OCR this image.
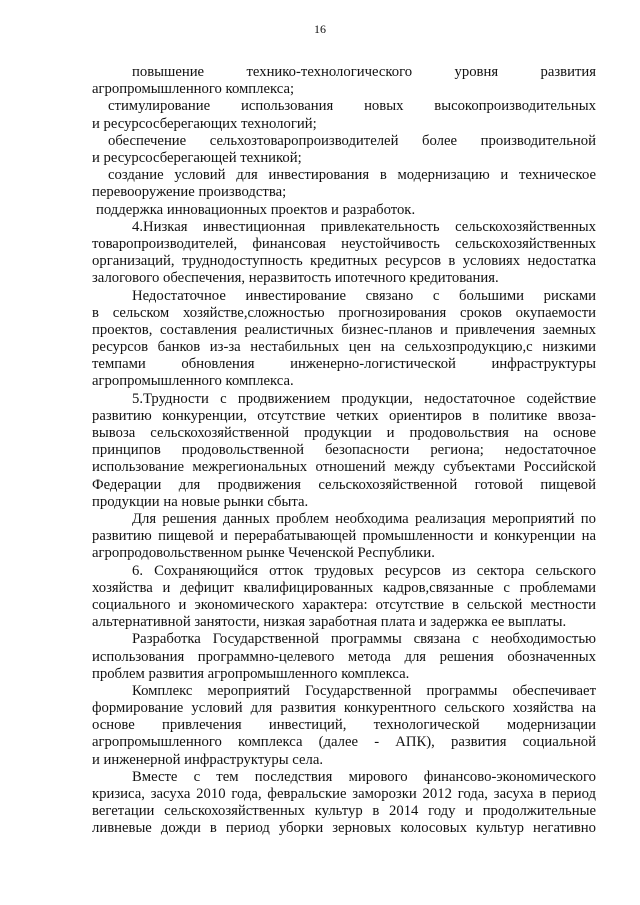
16
повышение технико-технологического уровня развития
агропромышленного комплекса;
стимулирование использования новых высокопроизводительных
и ресурсосберегающих технологий;
обеспечение сельхозтоваропроизводителей более производительной
и ресурсосберегающей техникой;
создание условий для инвестирования в модернизацию и техническое
перевооружение производства;
поддержка инновационных проектов и разработок.
4.Низкая инвестиционная привлекательность сельскохозяйственных
товаропроизводителей, финансовая неустойчивость сельскохозяйственных
организаций, труднодоступность кредитных ресурсов в условиях недостатка
залогового обеспечения, неразвитость ипотечного кредитования.
Недостаточное инвестирование связано с большими рисками
в сельском хозяйстве,сложностью прогнозирования сроков окупаемости
проектов, составления реалистичных бизнес-планов и привлечения заемных
ресурсов банков из-за нестабильных цен на сельхозпродукцию,с низкими
темпами обновления инженерно-логистической инфраструктуры
агропромышленного комплекса.
5.Трудности с продвижением продукции, недостаточное содействие
развитию конкуренции, отсутствие четких ориентиров в политике ввоза-
вывоза сельскохозяйственной продукции и продовольствия на основе
принципов продовольственной безопасности региона; недостаточное
использование межрегиональных отношений между субъектами Российской
Федерации для продвижения сельскохозяйственной готовой пищевой
продукции на новые рынки сбыта.
Для решения данных проблем необходима реализация мероприятий по
развитию пищевой и перерабатывающей промышленности и конкуренции на
агропродовольственном рынке Чеченской Республики.
6. Сохраняющийся отток трудовых ресурсов из сектора сельского
хозяйства и дефицит квалифицированных кадров,связанные с проблемами
социального и экономического характера: отсутствие в сельской местности
альтернативной занятости, низкая заработная плата и задержка ее выплаты.
Разработка Государственной программы связана с необходимостью
использования программно-целевого метода для решения обозначенных
проблем развития агропромышленного комплекса.
Комплекс мероприятий Государственной программы обеспечивает
формирование условий для развития конкурентного сельского хозяйства на
основе привлечения инвестиций, технологической модернизации
агропромышленного комплекса (далее - АПК), развития социальной
и инженерной инфраструктуры села.
Вместе с тем последствия мирового финансово-экономического
кризиса, засуха 2010 года, февральские заморозки 2012 года, засуха в период
вегетации сельскохозяйственных культур в 2014 году и продолжительные
ливневые дожди в период уборки зерновых колосовых культур негативно
